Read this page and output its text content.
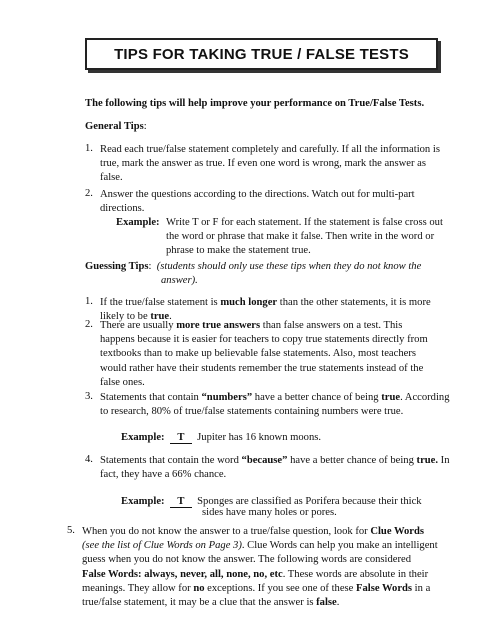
TIPS FOR TAKING TRUE / FALSE TESTS
The following tips will help improve your performance on True/False Tests.
General Tips:
1. Read each true/false statement completely and carefully. If all the information is
true, mark the answer as true. If even one word is wrong, mark the answer as
false.
2. Answer the questions according to the directions. Watch out for multi-part
directions.
Example: Write T or F for each statement. If the statement is false cross out
the word or phrase that make it false. Then write in the word or
phrase to make the statement true.
Guessing Tips: (students should only use these tips when they do not know the
answer).
1. If the true/false statement is much longer than the other statements, it is more
likely to be true.
2. There are usually more true answers than false answers on a test. This
happens because it is easier for teachers to copy true statements directly from
textbooks than to make up believable false statements. Also, most teachers
would rather have their students remember the true statements instead of the
false ones.
3. Statements that contain “numbers” have a better chance of being true. According
to research, 80% of true/false statements containing numbers were true.
Example: T Jupiter has 16 known moons.
4. Statements that contain the word “because” have a better chance of being true. In
fact, they have a 66% chance.
Example: T Sponges are classified as Porifera because their thick
sides have many holes or pores.
5. When you do not know the answer to a true/false question, look for Clue Words
(see the list of Clue Words on Page 3). Clue Words can help you make an intelligent
guess when you do not know the answer. The following words are considered
False Words: always, never, all, none, no, etc. These words are absolute in their
meanings. They allow for no exceptions. If you see one of these False Words in a
true/false statement, it may be a clue that the answer is false.
